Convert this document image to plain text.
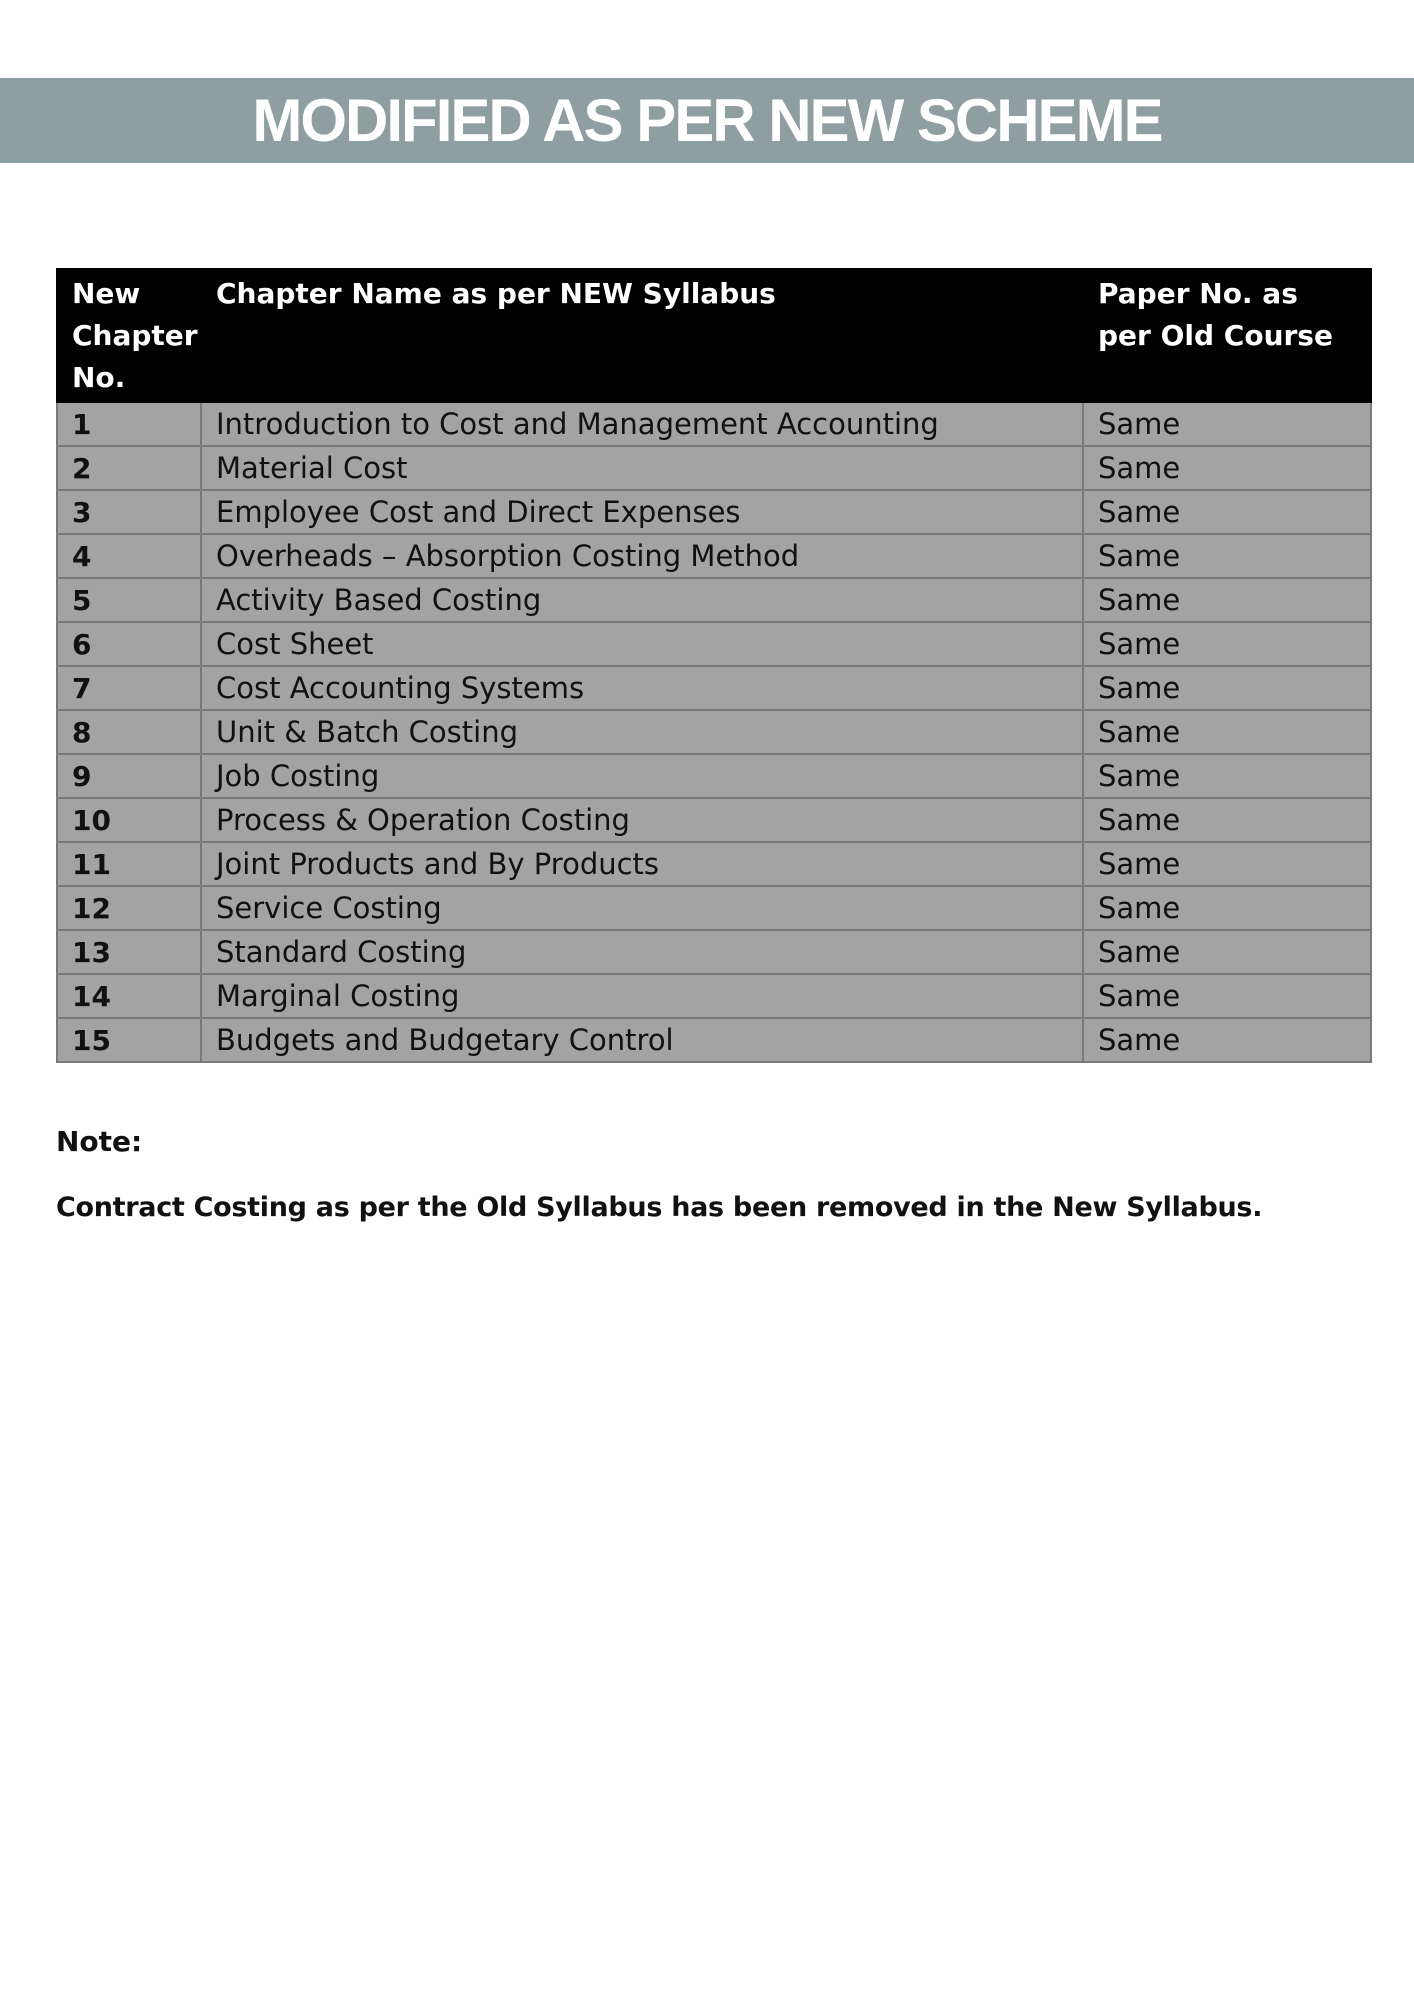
MODIFIED AS PER NEW SCHEME
New Chapter No.	Chapter Name as per NEW Syllabus	Paper No. as per Old Course
1	Introduction to Cost and Management Accounting	Same
2	Material Cost	Same
3	Employee Cost and Direct Expenses	Same
4	Overheads – Absorption Costing Method	Same
5	Activity Based Costing	Same
6	Cost Sheet	Same
7	Cost Accounting Systems	Same
8	Unit & Batch Costing	Same
9	Job Costing	Same
10	Process & Operation Costing	Same
11	Joint Products and By Products	Same
12	Service Costing	Same
13	Standard Costing	Same
14	Marginal Costing	Same
15	Budgets and Budgetary Control	Same
Note:
Contract Costing as per the Old Syllabus has been removed in the New Syllabus.
